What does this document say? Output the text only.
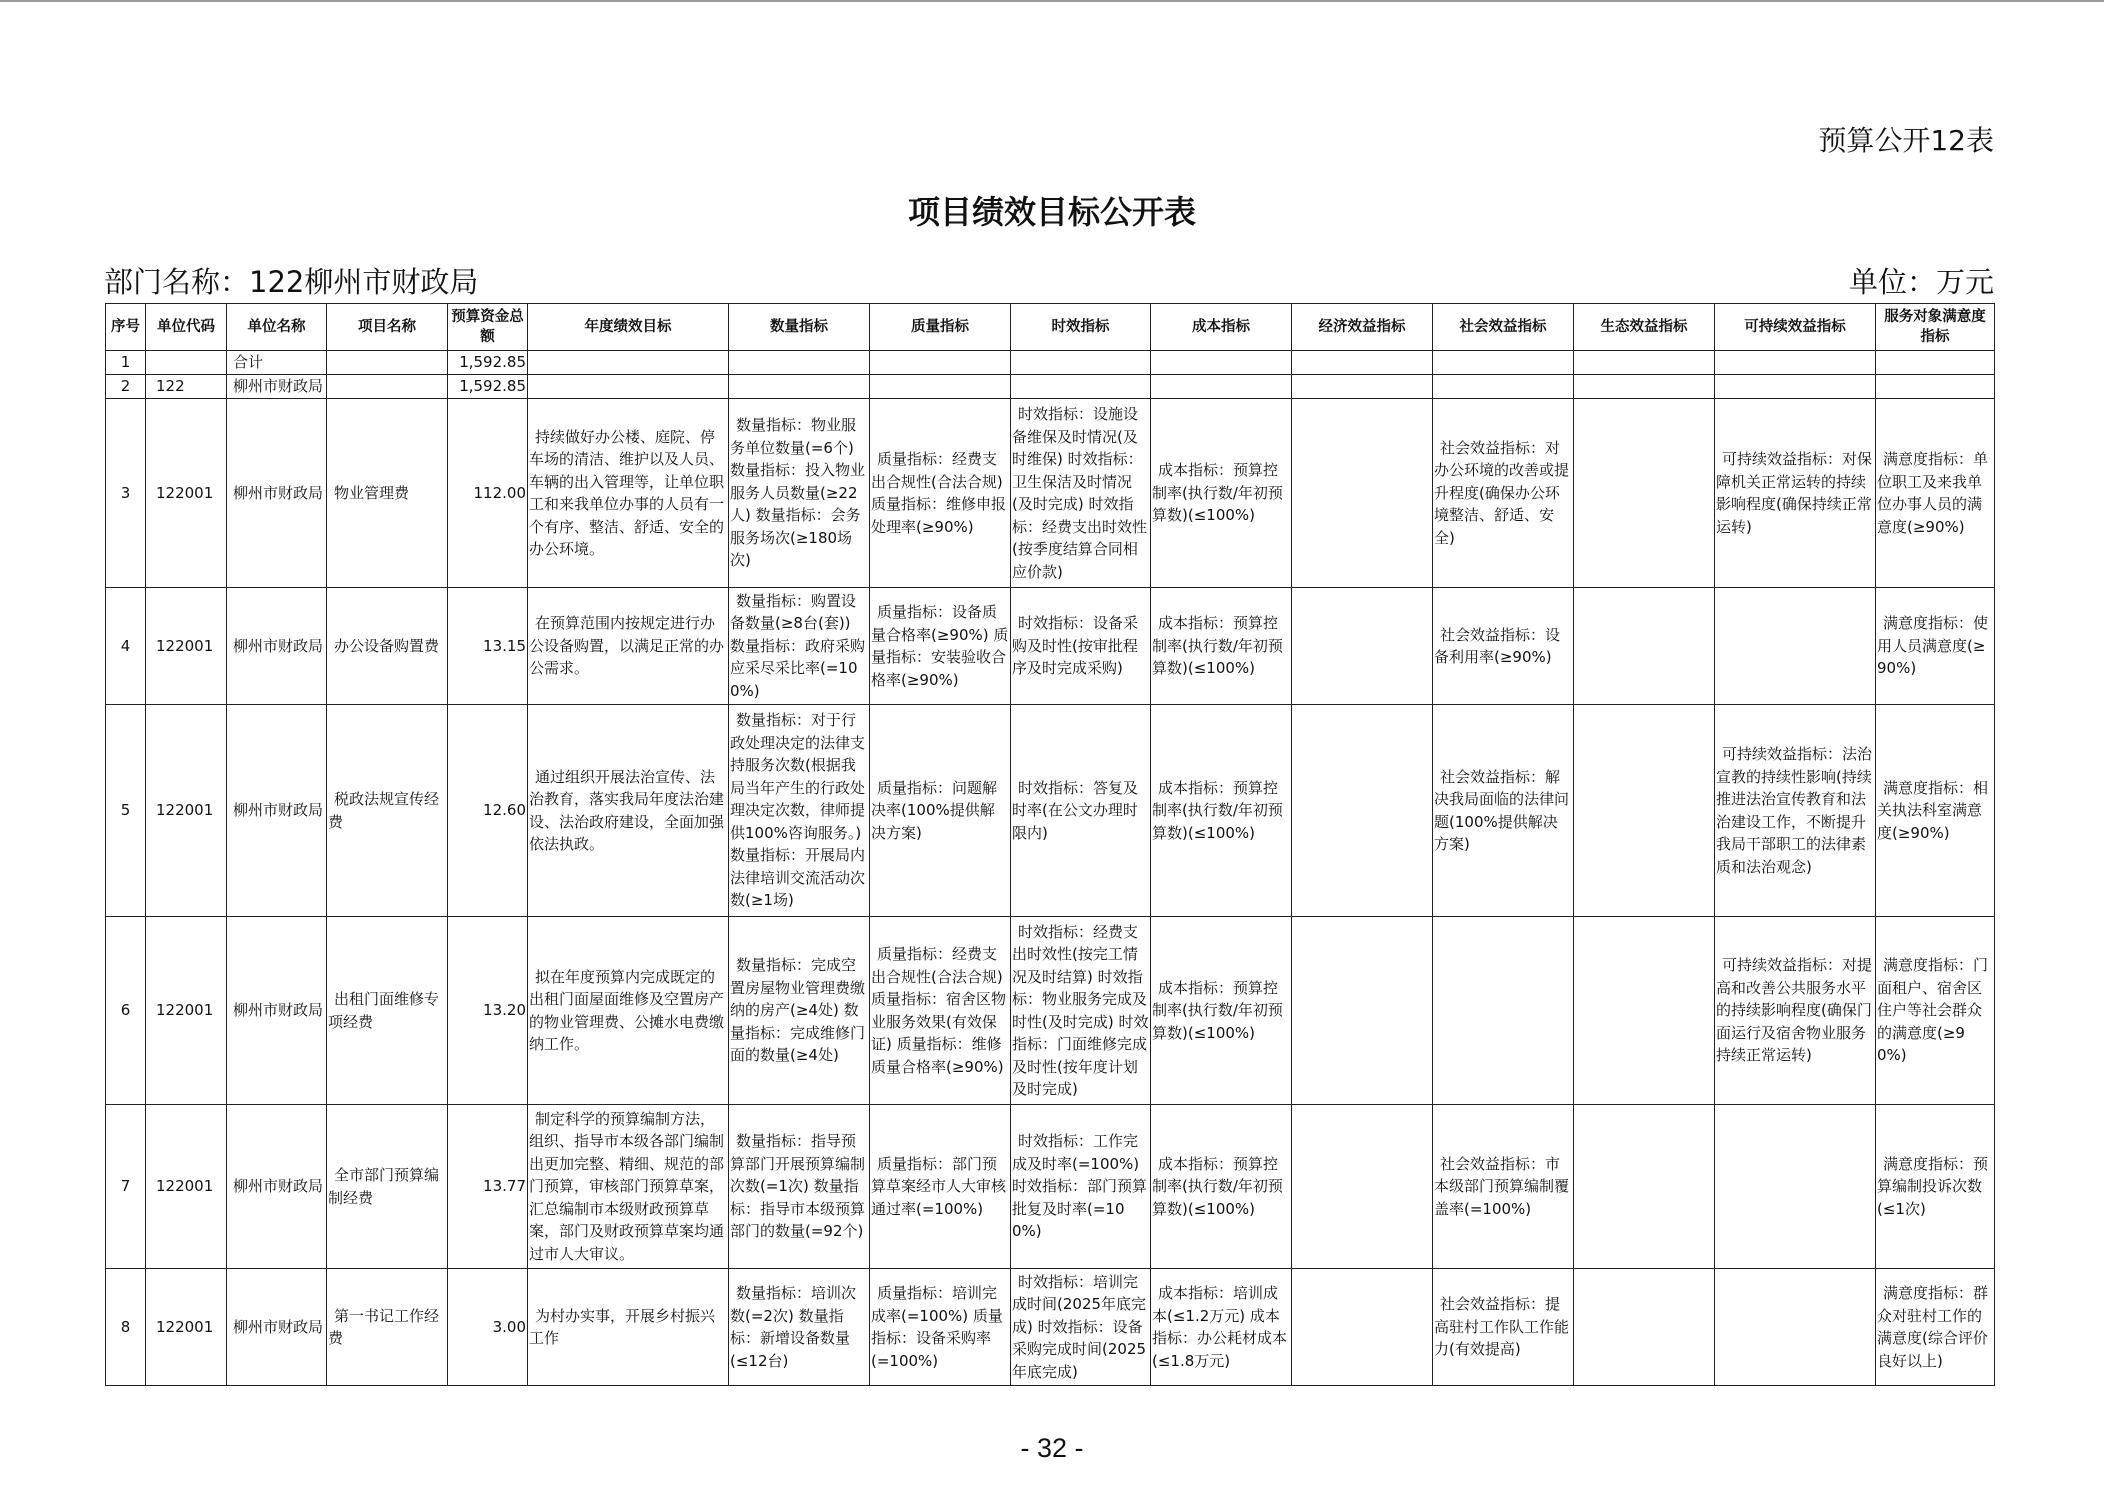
预算公开12表
项目绩效目标公开表
部门名称：122柳州市财政局	单位：万元
序号	单位代码	单位名称	项目名称	预算资金总额	年度绩效目标	数量指标	质量指标	时效指标	成本指标	经济效益指标	社会效益指标	生态效益指标	可持续效益指标	服务对象满意度指标

1		合计		1,592.85										

2	122	柳州市财政局		1,592.85										

3	122001	柳州市财政局	物业管理费	112.00	持续做好办公楼、庭院、停车场的清洁、维护以及人员、车辆的出入管理等，让单位职工和来我单位办事的人员有一个有序、整洁、舒适、安全的办公环境。	数量指标：物业服务单位数量(=6个) 数量指标：投入物业服务人员数量(≥22人) 数量指标：会务服务场次(≥180场次)	质量指标：经费支出合规性(合法合规) 质量指标：维修申报处理率(≥90%)	时效指标：设施设备维保及时情况(及时维保) 时效指标：卫生保洁及时情况(及时完成) 时效指标：经费支出时效性(按季度结算合同相应价款)	成本指标：预算控制率(执行数/年初预算数)(≤100%)		社会效益指标：对办公环境的改善或提升程度(确保办公环境整洁、舒适、安全)		可持续效益指标：对保障机关正常运转的持续影响程度(确保持续正常运转)	满意度指标：单位职工及来我单位办事人员的满意度(≥90%)

4	122001	柳州市财政局	办公设备购置费	13.15	在预算范围内按规定进行办公设备购置，以满足正常的办公需求。	数量指标：购置设备数量(≥8台(套)) 数量指标：政府采购应采尽采比率(=100%)	质量指标：设备质量合格率(≥90%) 质量指标：安装验收合格率(≥90%)	时效指标：设备采购及时性(按审批程序及时完成采购)	成本指标：预算控制率(执行数/年初预算数)(≤100%)		社会效益指标：设备利用率(≥90%)			满意度指标：使用人员满意度(≥90%)

5	122001	柳州市财政局	税政法规宣传经费	12.60	通过组织开展法治宣传、法治教育，落实我局年度法治建设、法治政府建设，全面加强依法执政。	数量指标：对于行政处理决定的法律支持服务次数(根据我局当年产生的行政处理决定次数，律师提供100%咨询服务。) 数量指标：开展局内法律培训交流活动次数(≥1场)	质量指标：问题解决率(100%提供解决方案)	时效指标：答复及时率(在公文办理时限内)	成本指标：预算控制率(执行数/年初预算数)(≤100%)		社会效益指标：解决我局面临的法律问题(100%提供解决方案)		可持续效益指标：法治宣教的持续性影响(持续推进法治宣传教育和法治建设工作，不断提升我局干部职工的法律素质和法治观念)	满意度指标：相关执法科室满意度(≥90%)

6	122001	柳州市财政局	出租门面维修专项经费	13.20	拟在年度预算内完成既定的出租门面屋面维修及空置房产的物业管理费、公摊水电费缴纳工作。	数量指标：完成空置房屋物业管理费缴纳的房产(≥4处) 数量指标：完成维修门面的数量(≥4处)	质量指标：经费支出合规性(合法合规) 质量指标：宿舍区物业服务效果(有效保证) 质量指标：维修质量合格率(≥90%)	时效指标：经费支出时效性(按完工情况及时结算) 时效指标：物业服务完成及时性(及时完成) 时效指标：门面维修完成及时性(按年度计划及时完成)	成本指标：预算控制率(执行数/年初预算数)(≤100%)				可持续效益指标：对提高和改善公共服务水平的持续影响程度(确保门面运行及宿舍物业服务持续正常运转)	满意度指标：门面租户、宿舍区住户等社会群众的满意度(≥90%)

7	122001	柳州市财政局	全市部门预算编制经费	13.77	制定科学的预算编制方法，组织、指导市本级各部门编制出更加完整、精细、规范的部门预算，审核部门预算草案，汇总编制市本级财政预算草案，部门及财政预算草案均通过市人大审议。	数量指标：指导预算部门开展预算编制次数(=1次) 数量指标：指导市本级预算部门的数量(=92个)	质量指标：部门预算草案经市人大审核通过率(=100%)	时效指标：工作完成及时率(=100%) 时效指标：部门预算批复及时率(=100%)	成本指标：预算控制率(执行数/年初预算数)(≤100%)		社会效益指标：市本级部门预算编制覆盖率(=100%)			满意度指标：预算编制投诉次数(≤1次)

8	122001	柳州市财政局	第一书记工作经费	3.00	为村办实事，开展乡村振兴工作	数量指标：培训次数(=2次) 数量指标：新增设备数量(≤12台)	质量指标：培训完成率(=100%) 质量指标：设备采购率(=100%)	时效指标：培训完成时间(2025年底完成) 时效指标：设备采购完成时间(2025年底完成)	成本指标：培训成本(≤1.2万元) 成本指标：办公耗材成本(≤1.8万元)		社会效益指标：提高驻村工作队工作能力(有效提高)			满意度指标：群众对驻村工作的满意度(综合评价良好以上)
- 32 -
